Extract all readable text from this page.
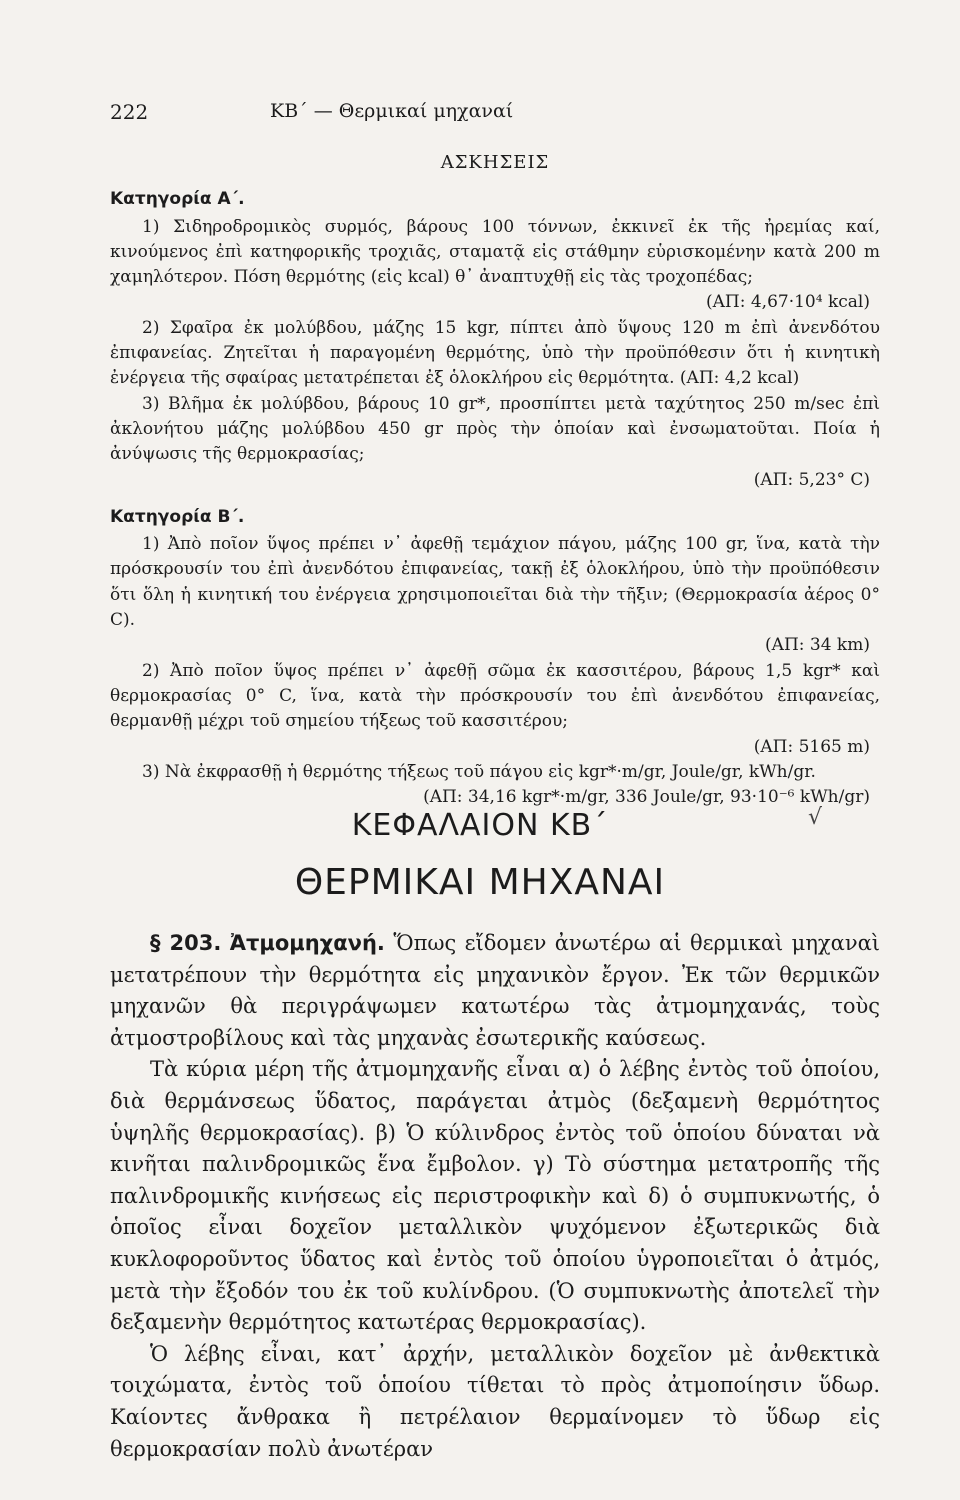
222	ΚΒ΄ — Θερμικαί μηχαναί
ΑΣΚΗΣΕΙΣ
Κατηγορία Α΄.

1) Σιδηροδρομικὸς συρμός, βάρους 100 τόννων, ἐκκινεῖ ἐκ τῆς ἠρεμίας καί, κινούμενος ἐπὶ κατηφορικῆς τροχιᾶς, σταματᾷ εἰς στάθμην εὑρισκομένην κατὰ 200 m χαμηλότερον. Πόση θερμότης (εἰς kcal) θ᾽ ἀναπτυχθῇ εἰς τὰς τροχοπέδας;

(ΑΠ: 4,67·10⁴ kcal)

2) Σφαῖρα ἐκ μολύβδου, μάζης 15 kgr, πίπτει ἀπὸ ὕψους 120 m ἐπὶ ἀνενδότου ἐπιφανείας. Ζητεῖται ἡ παραγομένη θερμότης, ὑπὸ τὴν προϋπόθεσιν ὅτι ἡ κινητικὴ ἐνέργεια τῆς σφαίρας μετατρέπεται ἐξ ὁλοκλήρου εἰς θερμότητα. (ΑΠ: 4,2 kcal)

3) Βλῆμα ἐκ μολύβδου, βάρους 10 gr*, προσπίπτει μετὰ ταχύτητος 250 m/sec ἐπὶ ἀκλονήτου μάζης μολύβδου 450 gr πρὸς τὴν ὁποίαν καὶ ἐνσωματοῦται. Ποία ἡ ἀνύψωσις τῆς θερμοκρασίας;

(ΑΠ: 5,23° C)

Κατηγορία Β΄.

1) Ἀπὸ ποῖον ὕψος πρέπει ν᾽ ἀφεθῇ τεμάχιον πάγου, μάζης 100 gr, ἵνα, κατὰ τὴν πρόσκρουσίν του ἐπὶ ἀνενδότου ἐπιφανείας, τακῇ ἐξ ὁλοκλήρου, ὑπὸ τὴν προϋπόθεσιν ὅτι ὅλη ἡ κινητική του ἐνέργεια χρησιμοποιεῖται διὰ τὴν τῆξιν; (Θερμοκρασία ἀέρος 0° C).

(ΑΠ: 34 km)

2) Ἀπὸ ποῖον ὕψος πρέπει ν᾽ ἀφεθῇ σῶμα ἐκ κασσιτέρου, βάρους 1,5 kgr* καὶ θερμοκρασίας 0° C, ἵνα, κατὰ τὴν πρόσκρουσίν του ἐπὶ ἀνενδότου ἐπιφανείας, θερμανθῇ μέχρι τοῦ σημείου τήξεως τοῦ κασσιτέρου;

(ΑΠ: 5165 m)

3) Νὰ ἐκφρασθῇ ἡ θερμότης τήξεως τοῦ πάγου εἰς kgr*·m/gr, Joule/gr, kWh/gr.

(ΑΠ: 34,16 kgr*·m/gr, 336 Joule/gr, 93·10⁻⁶ kWh/gr)

√
ΚΕΦΑΛΑΙΟΝ ΚΒ΄
ΘΕΡΜΙΚΑΙ ΜΗΧΑΝΑΙ

§ 203. Ἀτμομηχανή. Ὅπως εἴδομεν ἀνωτέρω αἱ θερμικαὶ μηχαναὶ μετατρέπουν τὴν θερμότητα εἰς μηχανικὸν ἔργον. Ἐκ τῶν θερμικῶν μηχανῶν θὰ περιγράψωμεν κατωτέρω τὰς ἀτμομηχανάς, τοὺς ἀτμοστροβίλους καὶ τὰς μηχανὰς ἐσωτερικῆς καύσεως.

Τὰ κύρια μέρη τῆς ἀτμομηχανῆς εἶναι α) ὁ λέβης ἐντὸς τοῦ ὁποίου, διὰ θερμάνσεως ὕδατος, παράγεται ἀτμὸς (δεξαμενὴ θερμότητος ὑψηλῆς θερμοκρασίας). β) Ὁ κύλινδρος ἐντὸς τοῦ ὁποίου δύναται νὰ κινῆται παλινδρομικῶς ἕνα ἔμβολον. γ) Τὸ σύστημα μετατροπῆς τῆς παλινδρομικῆς κινήσεως εἰς περιστροφικὴν καὶ δ) ὁ συμπυκνωτής, ὁ ὁποῖος εἶναι δοχεῖον μεταλλικὸν ψυχόμενον ἐξωτερικῶς διὰ κυκλοφοροῦντος ὕδατος καὶ ἐντὸς τοῦ ὁποίου ὑγροποιεῖται ὁ ἀτμός, μετὰ τὴν ἔξοδόν του ἐκ τοῦ κυλίνδρου. (Ὁ συμπυκνωτὴς ἀποτελεῖ τὴν δεξαμενὴν θερμότητος κατωτέρας θερμοκρασίας).

Ὁ λέβης εἶναι, κατ᾽ ἀρχήν, μεταλλικὸν δοχεῖον μὲ ἀνθεκτικὰ τοιχώματα, ἐντὸς τοῦ ὁποίου τίθεται τὸ πρὸς ἀτμοποίησιν ὕδωρ. Καίοντες ἄνθρακα ἢ πετρέλαιον θερμαίνομεν τὸ ὕδωρ εἰς θερμοκρασίαν πολὺ ἀνωτέραν
